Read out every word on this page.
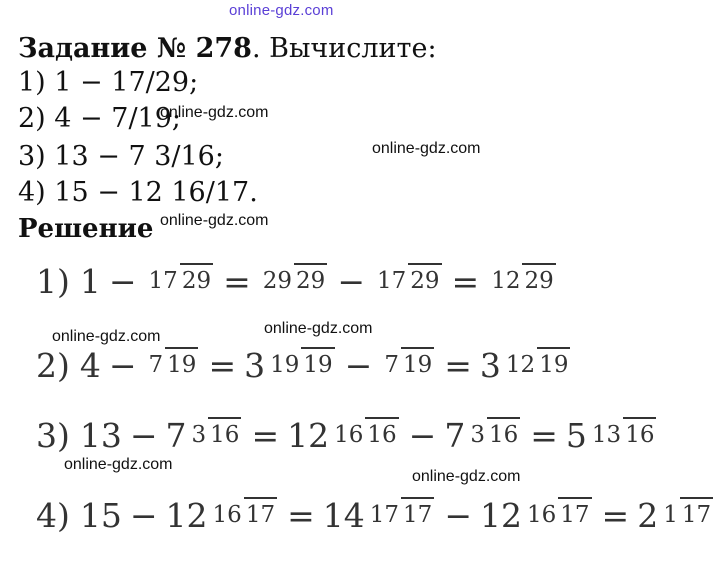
online-gdz.com
Задание № 278. Вычислите:
1) 1 − 17/29;
2) 4 − 7/19;
3) 13 − 7 3/16;
4) 15 − 12 16/17.
Решение
1) 1 − 17 29 = 29 29 − 17 29 = 12 29
2) 4 − 7 19 = 3 19 19 − 7 19 = 3 12 19
3) 13 − 7 3 16 = 12 16 16 − 7 3 16 = 5 13 16
4) 15 − 12 16 17 = 14 17 17 − 12 16 17 = 2 1 17
online-gdz.com
online-gdz.com
online-gdz.com
online-gdz.com	online-gdz.com
online-gdz.com
online-gdz.com
